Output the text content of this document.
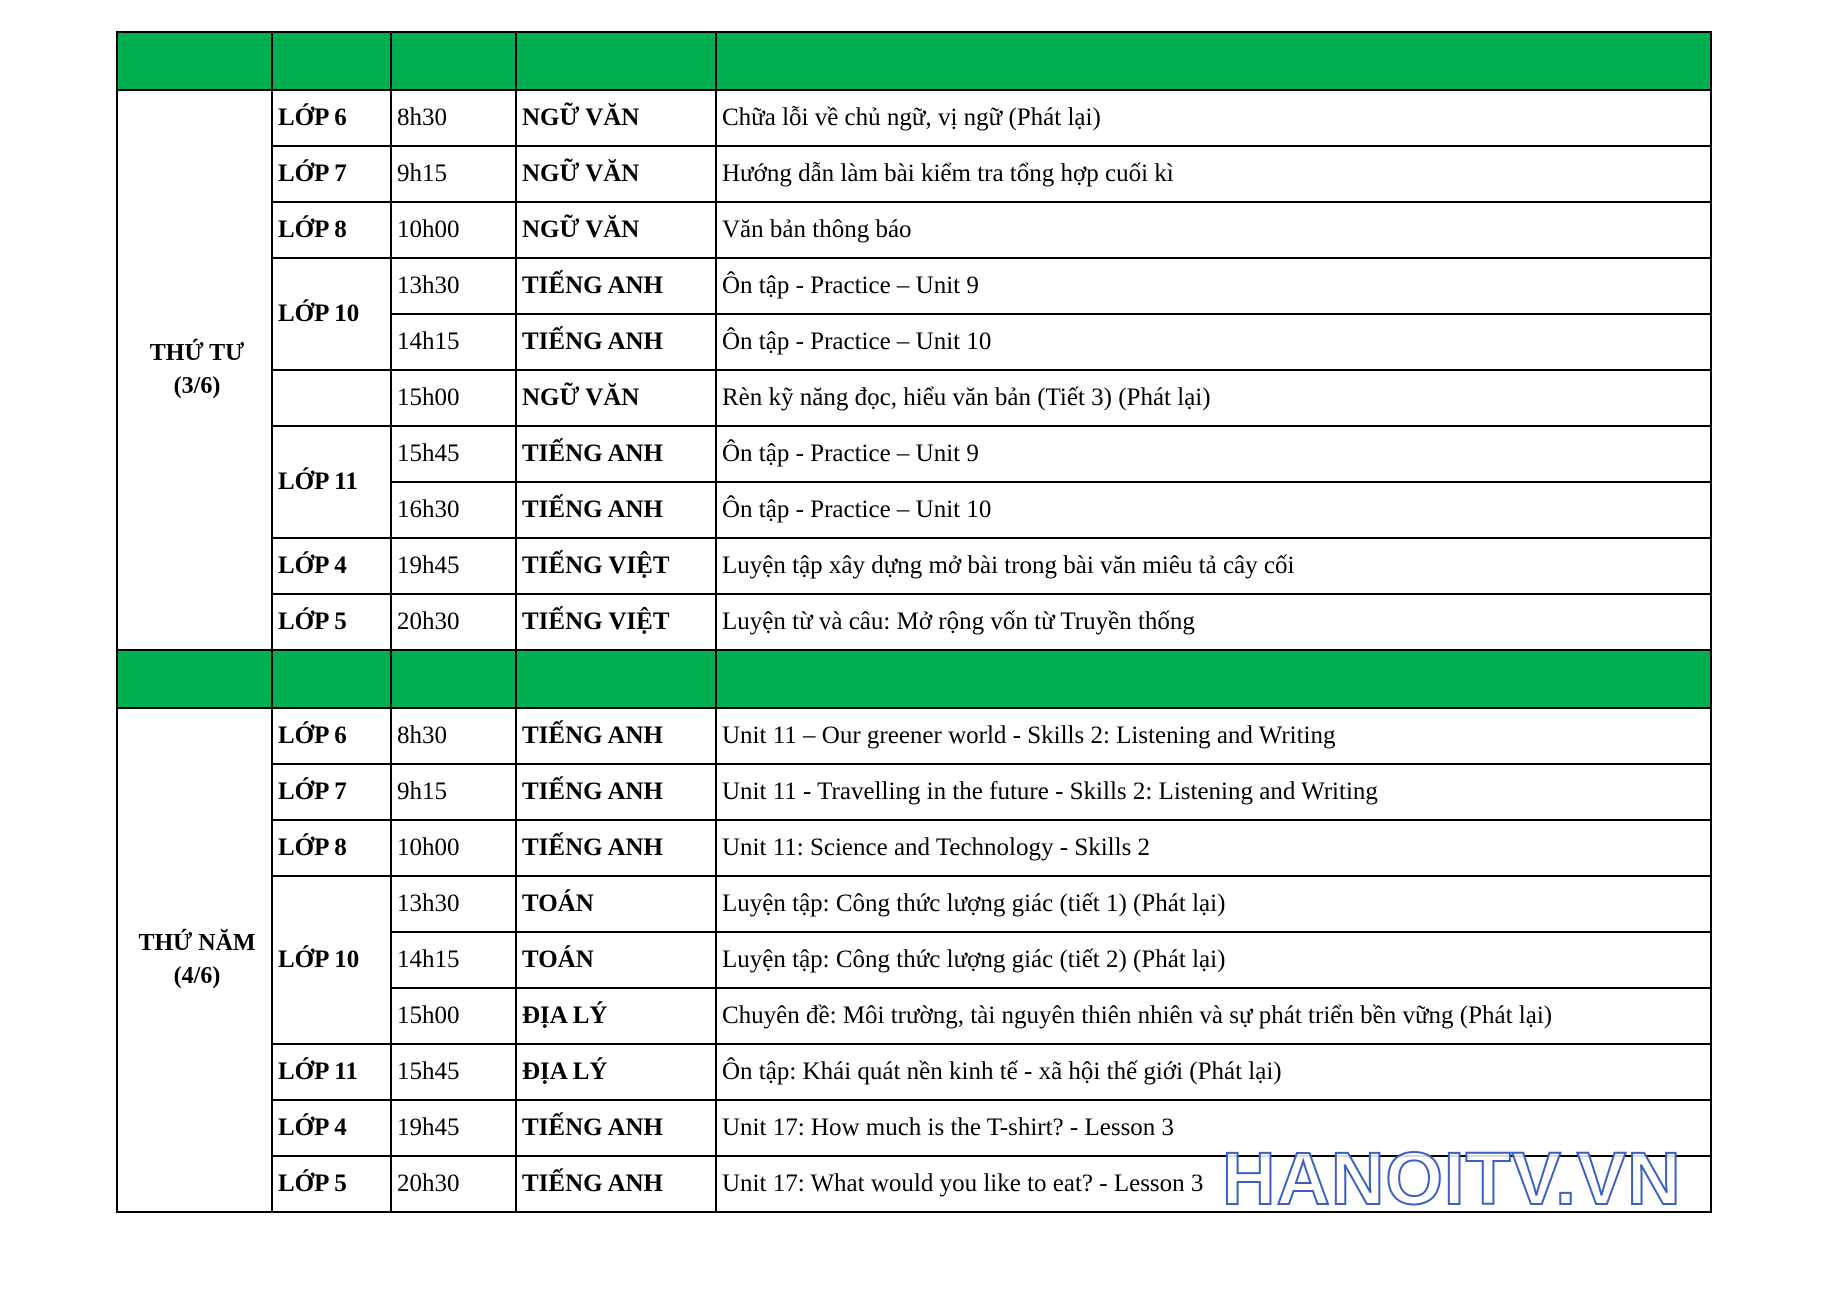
THỨ TƯ
(3/6)	LỚP 6	8h30	NGỮ VĂN	Chữa lỗi về chủ ngữ, vị ngữ (Phát lại)
	LỚP 7	9h15	NGỮ VĂN	Hướng dẫn làm bài kiểm tra tổng hợp cuối kì
	LỚP 8	10h00	NGỮ VĂN	Văn bản thông báo
	LỚP 10	13h30	TIẾNG ANH	Ôn tập - Practice – Unit 9
		14h15	TIẾNG ANH	Ôn tập - Practice – Unit 10
		15h00	NGỮ VĂN	Rèn kỹ năng đọc, hiểu văn bản (Tiết 3) (Phát lại)
	LỚP 11	15h45	TIẾNG ANH	Ôn tập - Practice – Unit 9
		16h30	TIẾNG ANH	Ôn tập - Practice – Unit 10
	LỚP 4	19h45	TIẾNG VIỆT	Luyện tập xây dựng mở bài trong bài văn miêu tả cây cối
	LỚP 5	20h30	TIẾNG VIỆT	Luyện từ và câu: Mở rộng vốn từ Truyền thống

THỨ NĂM
(4/6)	LỚP 6	8h30	TIẾNG ANH	Unit 11 – Our greener world - Skills 2: Listening and Writing
	LỚP 7	9h15	TIẾNG ANH	Unit 11 - Travelling in the future - Skills 2: Listening and Writing
	LỚP 8	10h00	TIẾNG ANH	Unit 11: Science and Technology - Skills 2
	LỚP 10	13h30	TOÁN	Luyện tập: Công thức lượng giác (tiết 1) (Phát lại)
		14h15	TOÁN	Luyện tập: Công thức lượng giác (tiết 2) (Phát lại)
		15h00	ĐỊA LÝ	Chuyên đề: Môi trường, tài nguyên thiên nhiên và sự phát triển bền vững (Phát lại)
	LỚP 11	15h45	ĐỊA LÝ	Ôn tập: Khái quát nền kinh tế - xã hội thế giới (Phát lại)
	LỚP 4	19h45	TIẾNG ANH	Unit 17: How much is the T-shirt? - Lesson 3
	LỚP 5	20h30	TIẾNG ANH	Unit 17: What would you like to eat? - Lesson 3 HANOITV.VN
